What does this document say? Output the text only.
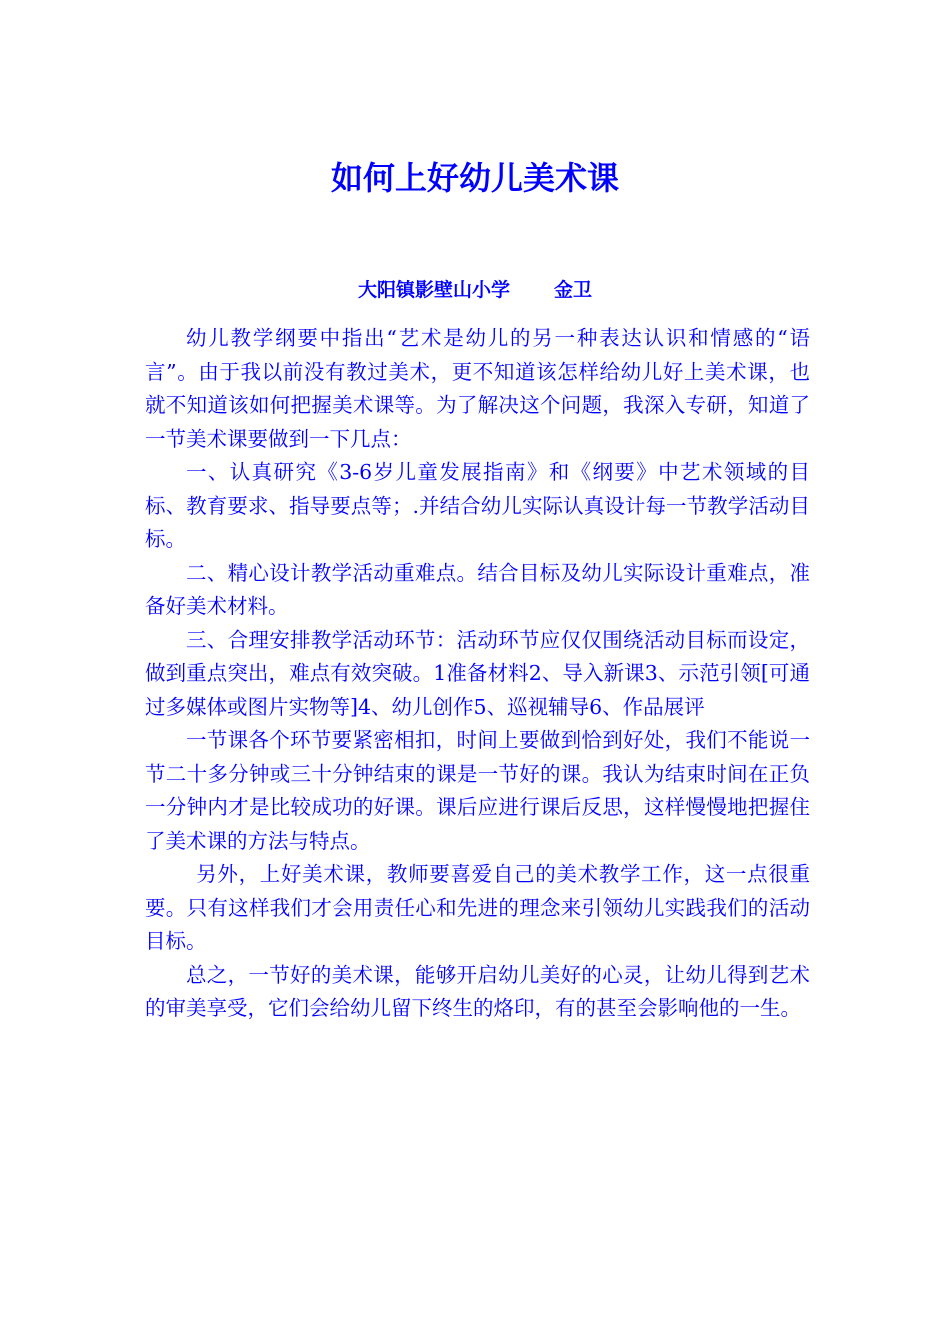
如何上好幼儿美术课
大阳镇影壁山小学 金卫

幼儿教学纲要中指出“艺术是幼儿的另一种表达认识和情感的“语言”。由于我以前没有教过美术，更不知道该怎样给幼儿好上美术课，也就不知道该如何把握美术课等。为了解决这个问题，我深入专研，知道了一节美术课要做到一下几点：

一、认真研究《3-6岁儿童发展指南》和《纲要》中艺术领域的目标、教育要求、指导要点等；.并结合幼儿实际认真设计每一节教学活动目标。

二、精心设计教学活动重难点。结合目标及幼儿实际设计重难点，准备好美术材料。

三、合理安排教学活动环节：活动环节应仅仅围绕活动目标而设定，做到重点突出，难点有效突破。1准备材料2、导入新课3、示范引领[可通过多媒体或图片实物等]4、幼儿创作5、巡视辅导6、作品展评

一节课各个环节要紧密相扣，时间上要做到恰到好处，我们不能说一节二十多分钟或三十分钟结束的课是一节好的课。我认为结束时间在正负一分钟内才是比较成功的好课。课后应进行课后反思，这样慢慢地把握住了美术课的方法与特点。

另外，上好美术课，教师要喜爱自己的美术教学工作，这一点很重要。只有这样我们才会用责任心和先进的理念来引领幼儿实践我们的活动目标。

总之，一节好的美术课，能够开启幼儿美好的心灵，让幼儿得到艺术的审美享受，它们会给幼儿留下终生的烙印，有的甚至会影响他的一生。
